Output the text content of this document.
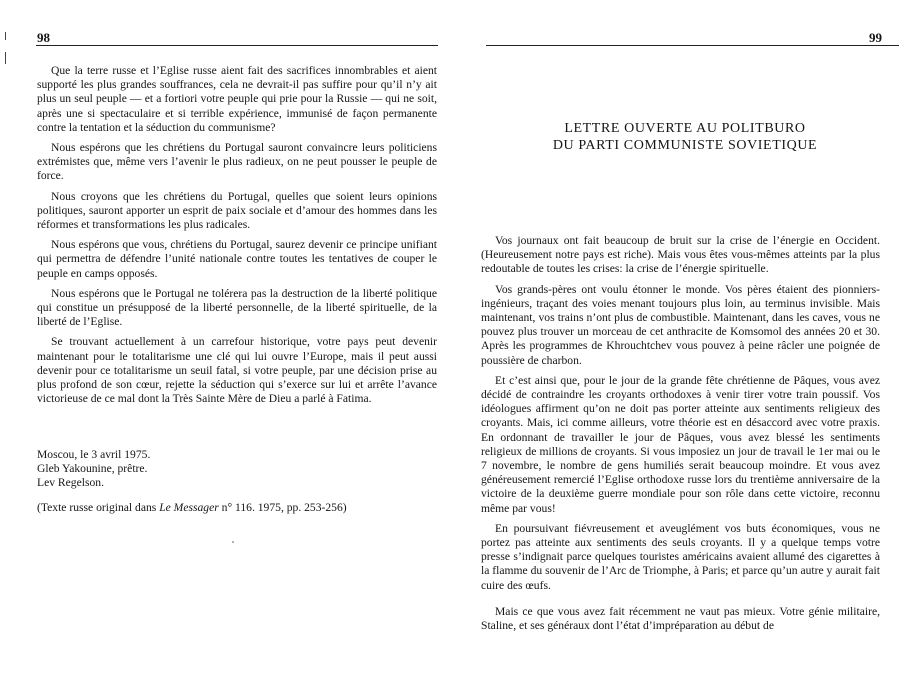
98

Que la terre russe et l’Eglise russe aient fait des sacrifices innombrables et aient supporté les plus grandes souffrances, cela ne devrait-il pas suffire pour qu’il n’y ait plus un seul peuple — et a fortiori votre peuple qui prie pour la Russie — qui ne soit, après une si spectaculaire et si terrible expérience, immunisé de façon permanente contre la tentation et la séduction du communisme?

Nous espérons que les chrétiens du Portugal sauront convaincre leurs politiciens extrémistes que, même vers l’avenir le plus radieux, on ne peut pousser le peuple de force.

Nous croyons que les chrétiens du Portugal, quelles que soient leurs opinions politiques, sauront apporter un esprit de paix sociale et d’amour des hommes dans les réformes et transformations les plus radicales.

Nous espérons que vous, chrétiens du Portugal, saurez devenir ce principe unifiant qui permettra de défendre l’unité nationale contre toutes les tentatives de couper le peuple en camps opposés.

Nous espérons que le Portugal ne tolérera pas la destruction de la liberté politique qui constitue un présupposé de la liberté personnelle, de la liberté spirituelle, de la liberté de l’Eglise.

Se trouvant actuellement à un carrefour historique, votre pays peut devenir maintenant pour le totalitarisme une clé qui lui ouvre l’Europe, mais il peut aussi devenir pour ce totalitarisme un seuil fatal, si votre peuple, par une décision prise au plus profond de son cœur, rejette la séduction qui s’exerce sur lui et arrête l’avance victorieuse de ce mal dont la Très Sainte Mère de Dieu a parlé à Fatima.

Moscou, le 3 avril 1975.
Gleb Yakounine, prêtre.
Lev Regelson.
(Texte russe original dans Le Messager n° 116. 1975, pp. 253-256)
99
LETTRE OUVERTE AU POLITBURO
DU PARTI COMMUNISTE SOVIETIQUE

Vos journaux ont fait beaucoup de bruit sur la crise de l’énergie en Occident. (Heureusement notre pays est riche). Mais vous êtes vous-mêmes atteints par la plus redoutable de toutes les crises: la crise de l’énergie spirituelle.

Vos grands-pères ont voulu étonner le monde. Vos pères étaient des pionniers-ingénieurs, traçant des voies menant toujours plus loin, au terminus invisible. Mais maintenant, vos trains n’ont plus de combustible. Maintenant, dans les caves, vous ne pouvez plus trouver un morceau de cet anthracite de Komsomol des années 20 et 30. Après les programmes de Khrouchtchev vous pouvez à peine râcler une poignée de poussière de charbon.

Et c’est ainsi que, pour le jour de la grande fête chrétienne de Pâques, vous avez décidé de contraindre les croyants orthodoxes à venir tirer votre train poussif. Vos idéologues affirment qu’on ne doit pas porter atteinte aux sentiments religieux des croyants. Mais, ici comme ailleurs, votre théorie est en désaccord avec votre praxis. En ordonnant de travailler le jour de Pâques, vous avez blessé les sentiments religieux de millions de croyants. Si vous imposiez un jour de travail le 1er mai ou le 7 novembre, le nombre de gens humiliés serait beaucoup moindre. Et vous avez généreusement remercié l’Eglise orthodoxe russe lors du trentième anniversaire de la victoire de la deuxième guerre mondiale pour son rôle dans cette victoire, reconnu même par vous!

En poursuivant fiévreusement et aveuglément vos buts économiques, vous ne portez pas atteinte aux sentiments des seuls croyants. Il y a quelque temps votre presse s’indignait parce quelques touristes américains avaient allumé des cigarettes à la flamme du souvenir de l’Arc de Triomphe, à Paris; et parce qu’un autre y aurait fait cuire des œufs.

Mais ce que vous avez fait récemment ne vaut pas mieux. Votre génie militaire, Staline, et ses généraux dont l’état d’impréparation au début de
